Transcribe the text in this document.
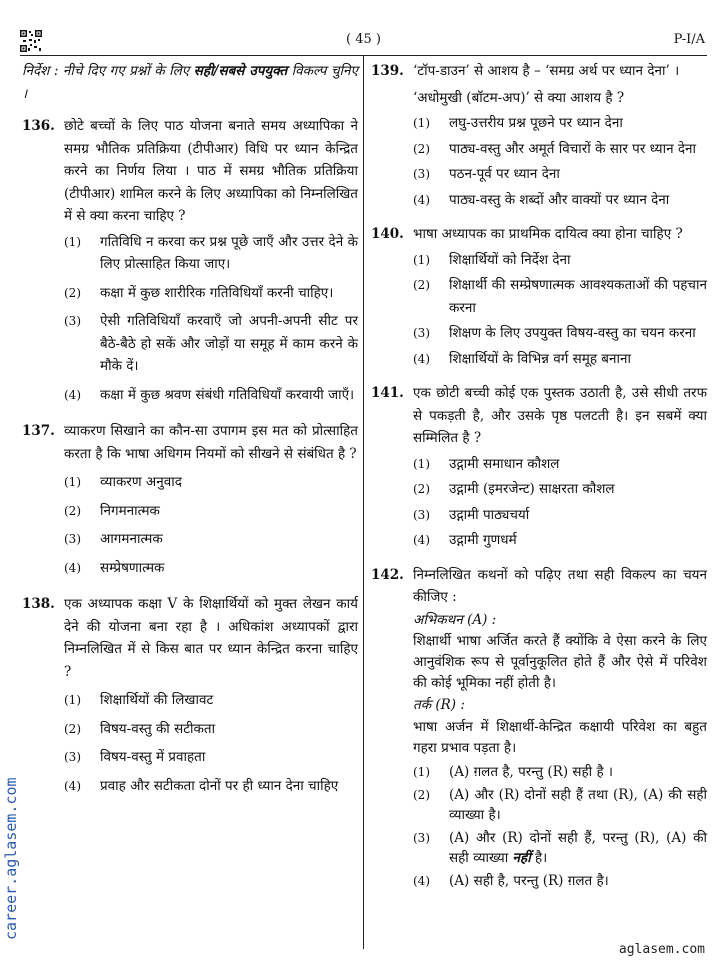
( 45 )	P-I/A
निर्देश : नीचे दिए गए प्रश्नों के लिए सही/सबसे उपयुक्त विकल्प चुनिए ।
136. छोटे बच्चों के लिए पाठ योजना बनाते समय अध्यापिका ने समग्र भौतिक प्रतिक्रिया (टीपीआर) विधि पर ध्यान केन्द्रित करने का निर्णय लिया । पाठ में समग्र भौतिक प्रतिक्रिया (टीपीआर) शामिल करने के लिए अध्यापिका को निम्नलिखित में से क्या करना चाहिए ?
(1)	गतिविधि न करवा कर प्रश्न पूछे जाएँ और उत्तर देने के लिए प्रोत्साहित किया जाए।
(2)	कक्षा में कुछ शारीरिक गतिविधियाँ करनी चाहिए।
(3)	ऐसी गतिविधियाँ करवाएँ जो अपनी-अपनी सीट पर बैठे-बैठे हो सकें और जोड़ों या समूह में काम करने के मौके दें।
(4)	कक्षा में कुछ श्रवण संबंधी गतिविधियाँ करवायी जाएँ।
137. व्याकरण सिखाने का कौन-सा उपागम इस मत को प्रोत्साहित करता है कि भाषा अधिगम नियमों को सीखने से संबंधित है ?
(1)	व्याकरण अनुवाद
(2)	निगमनात्मक
(3)	आगमनात्मक
(4)	सम्प्रेषणात्मक
138. एक अध्यापक कक्षा V के शिक्षार्थियों को मुक्त लेखन कार्य देने की योजना बना रहा है । अधिकांश अध्यापकों द्वारा निम्नलिखित में से किस बात पर ध्यान केन्द्रित करना चाहिए ?
(1)	शिक्षार्थियों की लिखावट
(2)	विषय-वस्तु की सटीकता
(3)	विषय-वस्तु में प्रवाहता
(4)	प्रवाह और सटीकता दोनों पर ही ध्यान देना चाहिए
139. ‘टॉप-डाउन’ से आशय है – ‘समग्र अर्थ पर ध्यान देना’ ।
‘अधोमुखी (बॉटम-अप)’ से क्या आशय है ?
(1)	लघु-उत्तरीय प्रश्न पूछने पर ध्यान देना
(2)	पाठ्य-वस्तु और अमूर्त विचारों के सार पर ध्यान देना
(3)	पठन-पूर्व पर ध्यान देना
(4)	पाठ्य-वस्तु के शब्दों और वाक्यों पर ध्यान देना
140. भाषा अध्यापक का प्राथमिक दायित्व क्या होना चाहिए ?
(1)	शिक्षार्थियों को निर्देश देना
(2)	शिक्षार्थी की सम्प्रेषणात्मक आवश्यकताओं की पहचान करना
(3)	शिक्षण के लिए उपयुक्त विषय-वस्तु का चयन करना
(4)	शिक्षार्थियों के विभिन्न वर्ग समूह बनाना
141. एक छोटी बच्ची कोई एक पुस्तक उठाती है, उसे सीधी तरफ से पकड़ती है, और उसके पृष्ठ पलटती है। इन सबमें क्या सम्मिलित है ?
(1)	उद्गामी समाधान कौशल
(2)	उद्गामी (इमरजेन्ट) साक्षरता कौशल
(3)	उद्गामी पाठ्यचर्या
(4)	उद्गामी गुणधर्म
142. निम्नलिखित कथनों को पढ़िए तथा सही विकल्प का चयन कीजिए :
अभिकथन (A) :
शिक्षार्थी भाषा अर्जित करते हैं क्योंकि वे ऐसा करने के लिए आनुवंशिक रूप से पूर्वानुकूलित होते हैं और ऐसे में परिवेश की कोई भूमिका नहीं होती है।
तर्क (R) :
भाषा अर्जन में शिक्षार्थी-केन्द्रित कक्षायी परिवेश का बहुत गहरा प्रभाव पड़ता है।
(1)	(A) ग़लत है, परन्तु (R) सही है ।
(2)	(A) और (R) दोनों सही हैं तथा (R), (A) की सही व्याख्या है।
(3)	(A) और (R) दोनों सही हैं, परन्तु (R), (A) की सही व्याख्या नहीं है।
(4)	(A) सही है, परन्तु (R) ग़लत है।
career.aglasem.com
aglasem.com
